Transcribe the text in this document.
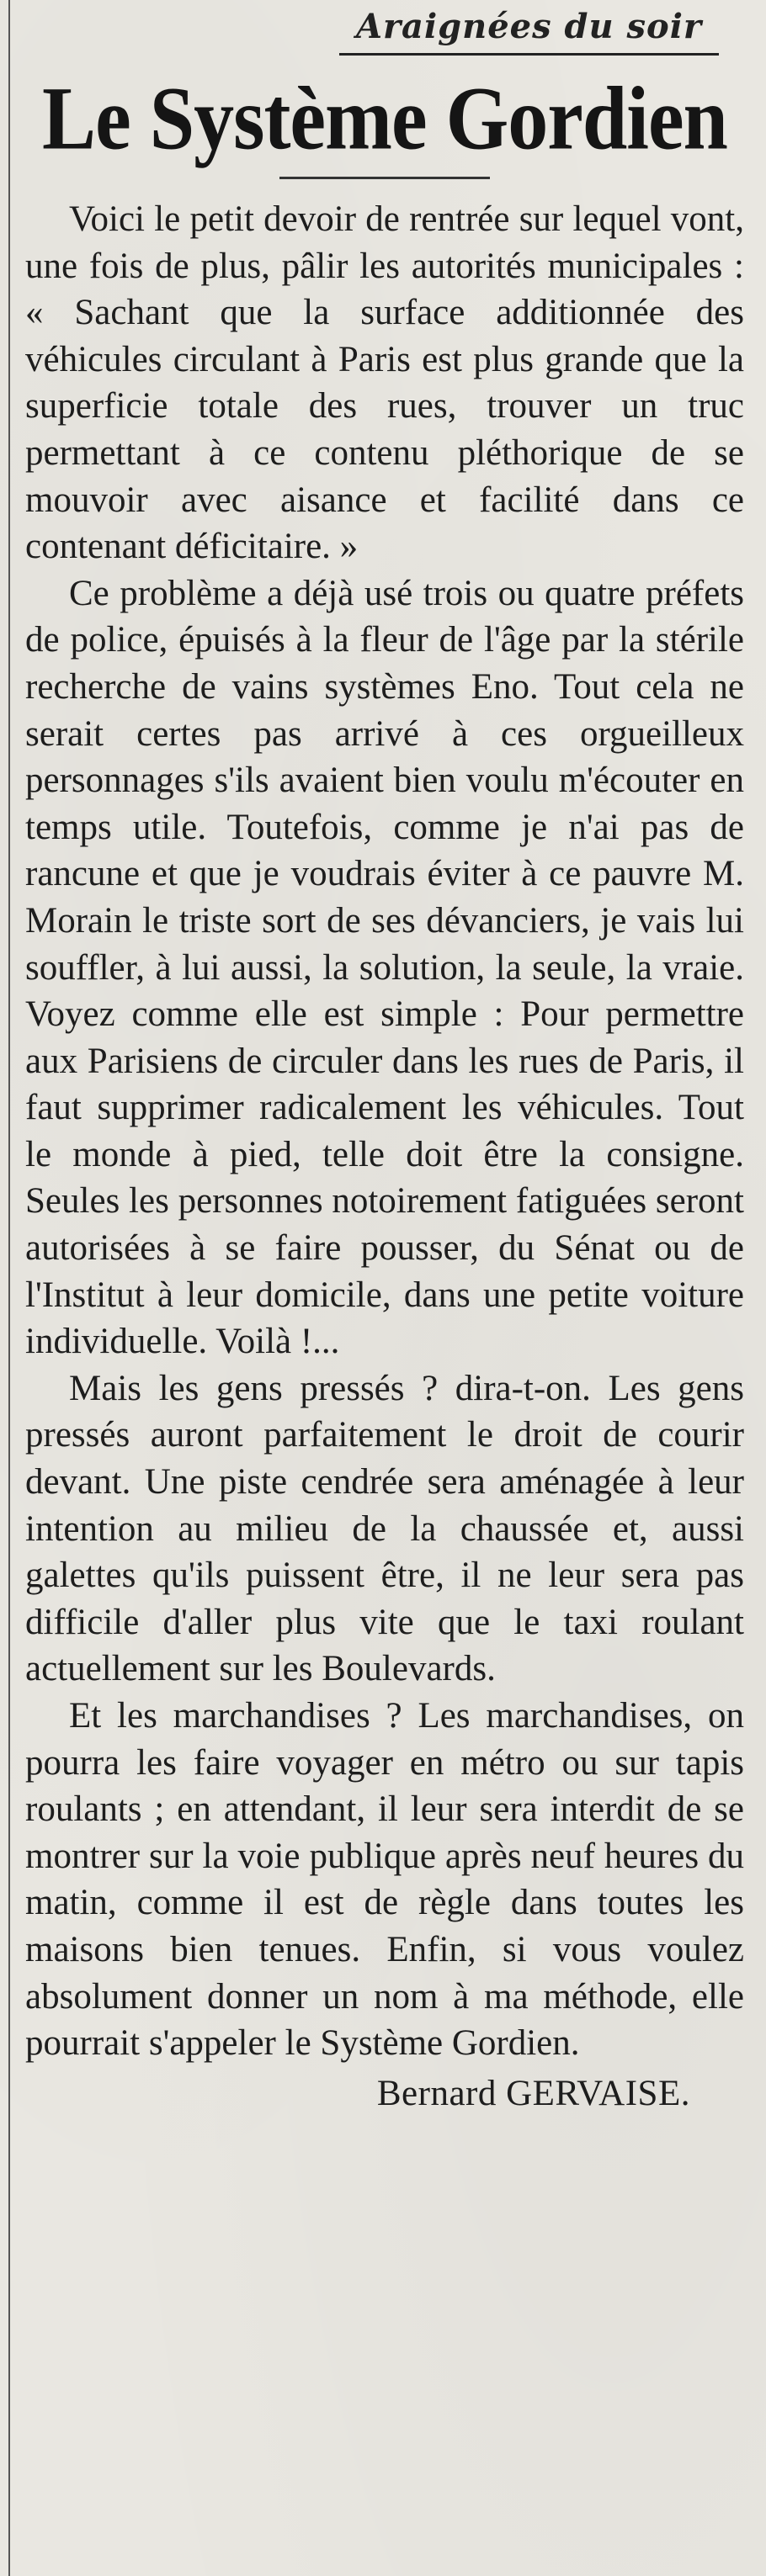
Araignées du soir
Le Système Gordien

Voici le petit devoir de rentrée sur lequel vont, une fois de plus, pâlir les autorités municipales : « Sachant que la surface additionnée des véhicules circulant à Paris est plus grande que la superficie totale des rues, trouver un truc permettant à ce contenu pléthorique de se mouvoir avec aisance et facilité dans ce contenant déficitaire. »

Ce problème a déjà usé trois ou quatre préfets de police, épuisés à la fleur de l'âge par la stérile recherche de vains systèmes Eno. Tout cela ne serait certes pas arrivé à ces orgueilleux personnages s'ils avaient bien voulu m'écouter en temps utile. Toutefois, comme je n'ai pas de rancune et que je voudrais éviter à ce pauvre M. Morain le triste sort de ses dévanciers, je vais lui souffler, à lui aussi, la solution, la seule, la vraie. Voyez comme elle est simple : Pour permettre aux Parisiens de circuler dans les rues de Paris, il faut supprimer radicalement les véhicules. Tout le monde à pied, telle doit être la consigne. Seules les personnes notoirement fatiguées seront autorisées à se faire pousser, du Sénat ou de l'Institut à leur domicile, dans une petite voiture individuelle. Voilà !...

Mais les gens pressés ? dira-t-on. Les gens pressés auront parfaitement le droit de courir devant. Une piste cendrée sera aménagée à leur intention au milieu de la chaussée et, aussi galettes qu'ils puissent être, il ne leur sera pas difficile d'aller plus vite que le taxi roulant actuellement sur les Boulevards.

Et les marchandises ? Les marchandises, on pourra les faire voyager en métro ou sur tapis roulants ; en attendant, il leur sera interdit de se montrer sur la voie publique après neuf heures du matin, comme il est de règle dans toutes les maisons bien tenues. Enfin, si vous voulez absolument donner un nom à ma méthode, elle pourrait s'appeler le Système Gordien.

Bernard GERVAISE.
